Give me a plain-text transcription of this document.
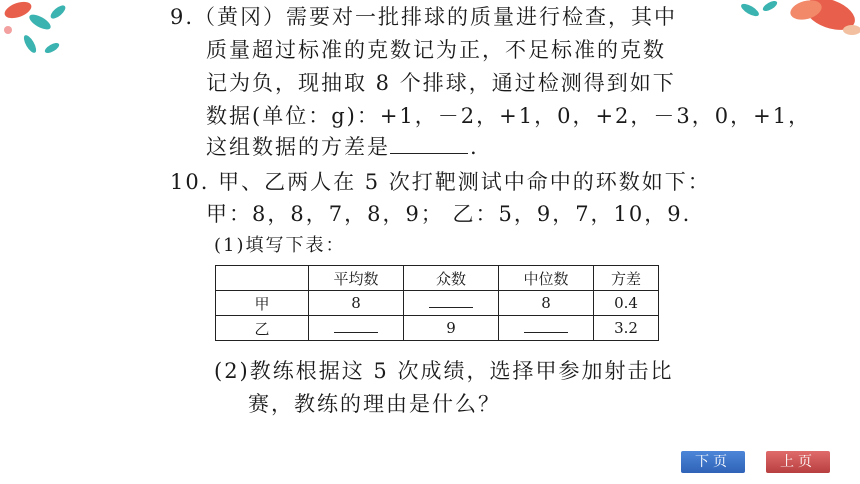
9.（黄冈）需要对一批排球的质量进行检查，其中
质量超过标准的克数记为正，不足标准的克数
记为负，现抽取 8 个排球，通过检测得到如下
数据(单位：g)：+1，－2，+1，0，+2，－3，0，+1，
这组数据的方差是	.
10. 甲、乙两人在 5 次打靶测试中命中的环数如下：
甲：8，8，7，8，9； 乙：5，9，7，10，9.
(1)填写下表：
	平均数	众数	中位数	方差
甲	8		8	0.4
乙		9		3.2
(2)教练根据这 5 次成绩，选择甲参加射击比
赛，教练的理由是什么？
下页	上页
